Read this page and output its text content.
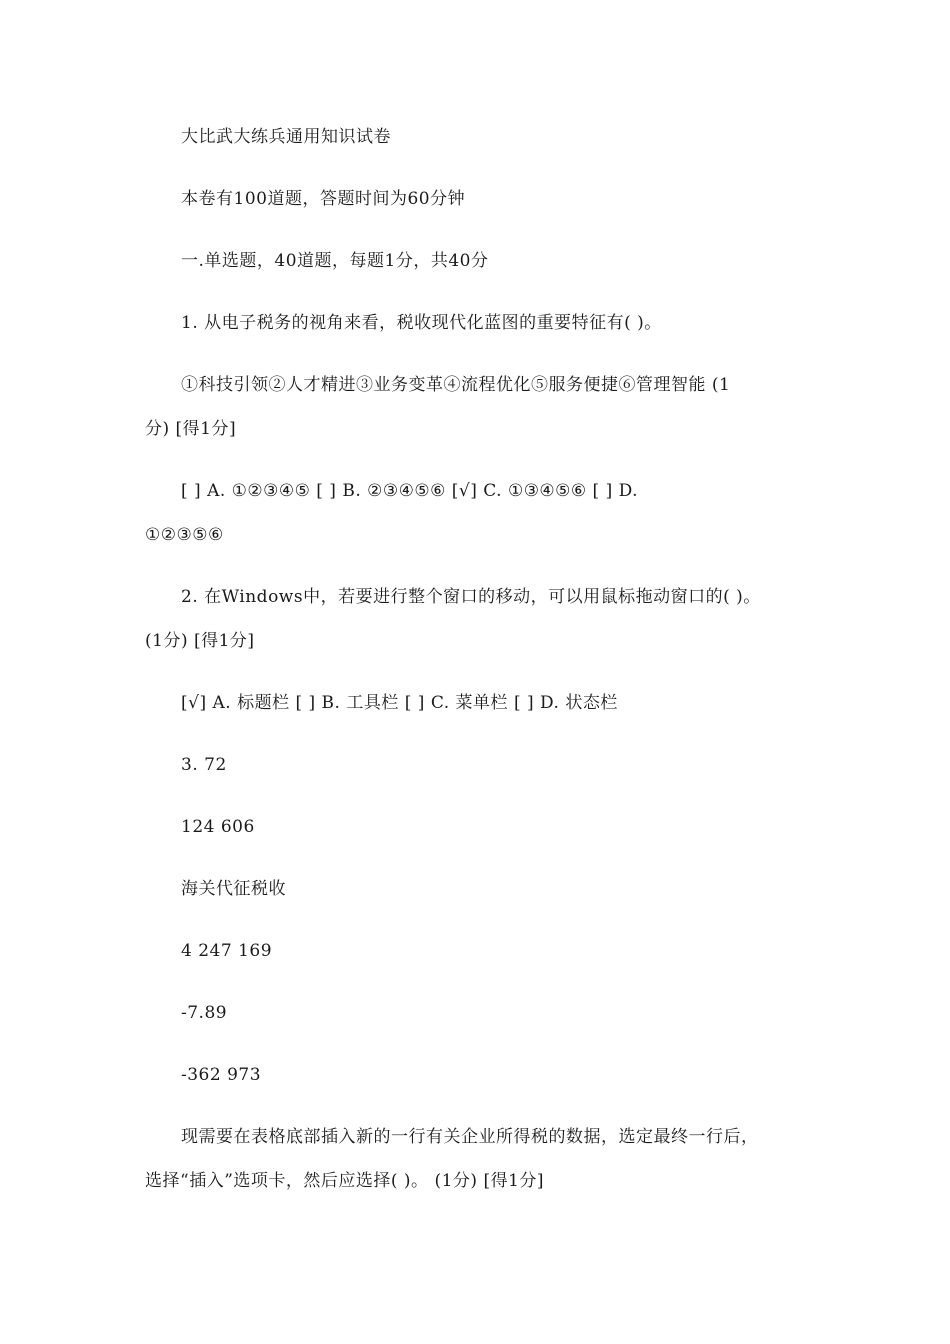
大比武大练兵通用知识试卷
本卷有100道题，答题时间为60分钟
一.单选题，40道题，每题1分，共40分
1. 从电子税务的视角来看，税收现代化蓝图的重要特征有( )。
①科技引领②人才精进③业务变革④流程优化⑤服务便捷⑥管理智能 (1
分) [得1分]
[ ] A. ①②③④⑤ [ ] B. ②③④⑤⑥ [√] C. ①③④⑤⑥ [ ] D.
①②③⑤⑥
2. 在Windows中，若要进行整个窗口的移动，可以用鼠标拖动窗口的( )。
(1分) [得1分]
[√] A. 标题栏 [ ] B. 工具栏 [ ] C. 菜单栏 [ ] D. 状态栏
3. 72
124 606
海关代征税收
4 247 169
-7.89
-362 973
现需要在表格底部插入新的一行有关企业所得税的数据，选定最终一行后，
选择“插入”选项卡，然后应选择( )。 (1分) [得1分]
